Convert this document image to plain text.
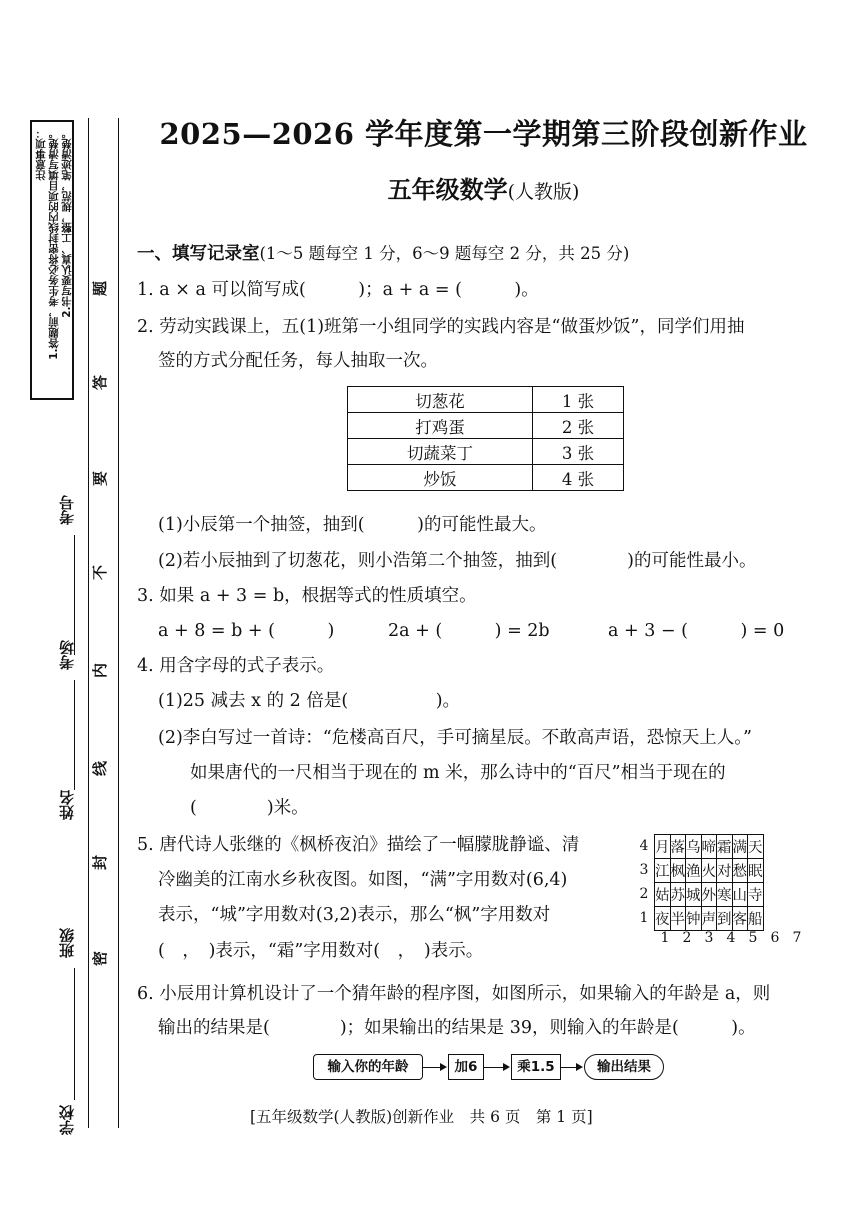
注意事项： 1.答题前，考生务必将密封线内的项目填写清楚。 2.书写要认真、工整，规范，笔迹清楚。
考号
考场
姓名
班级
学校
题
答
要
不
内
线
封
密
2025—2026 学年度第一学期第三阶段创新作业
五年级数学(人教版)
一、填写记录室(1～5 题每空 1 分，6～9 题每空 2 分，共 25 分)
1. a × a 可以简写成(　　　)；a + a = (　　　)。
2. 劳动实践课上，五(1)班第一小组同学的实践内容是“做蛋炒饭”，同学们用抽
签的方式分配任务，每人抽取一次。
切葱花	1 张
打鸡蛋	2 张
切蔬菜丁	3 张
炒饭	4 张
(1)小辰第一个抽签，抽到(　　　)的可能性最大。
(2)若小辰抽到了切葱花，则小浩第二个抽签，抽到(　　　　)的可能性最小。
3. 如果 a + 3 = b，根据等式的性质填空。
a + 8 = b + (　　　)	2a + (　　　) = 2b	a + 3 − (　　　) = 0
4. 用含字母的式子表示。
(1)25 减去 x 的 2 倍是(　　　　　)。
(2)李白写过一首诗：“危楼高百尺，手可摘星辰。不敢高声语，恐惊天上人。”
如果唐代的一尺相当于现在的 m 米，那么诗中的“百尺”相当于现在的
(　　　　)米。
5. 唐代诗人张继的《枫桥夜泊》描绘了一幅朦胧静谧、清
冷幽美的江南水乡秋夜图。如图，“满”字用数对(6,4)
表示，“城”字用数对(3,2)表示，那么“枫”字用数对
(　，　)表示，“霜”字用数对(　，　)表示。
4
3
2
1
月	落	乌	啼	霜	满	天
江	枫	渔	火	对	愁	眠
姑	苏	城	外	寒	山	寺
夜	半	钟	声	到	客	船
1 2 3 4 5 6 7
6. 小辰用计算机设计了一个猜年龄的程序图，如图所示，如果输入的年龄是 a，则
输出的结果是(　　　　)；如果输出的结果是 39，则输入的年龄是(　　　)。
输入你的年龄	加6	乘1.5	输出结果
[五年级数学(人教版)创新作业　共 6 页　第 1 页]
